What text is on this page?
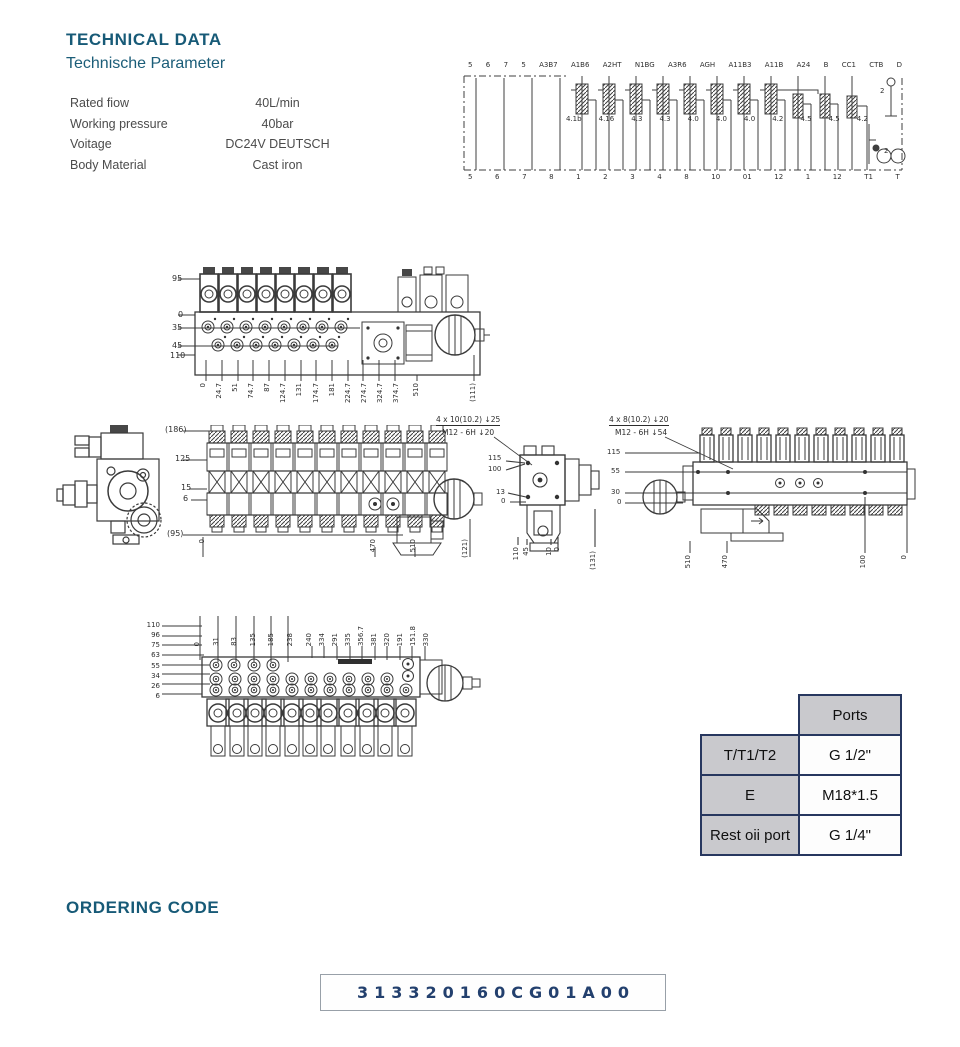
TECHNICAL DATA
Technische Parameter
Rated fiow	40L/min
Working pressure	40bar
Voitage	DC24V DEUTSCH
Body Material	Cast iron
5 6 7 5 A3B7 A1B6 A2HT N1BG A3R6 AGH A11B3 A11B A24 B CC1 CTB D
5	6	7	8	1	2	3	4	8	10	01	12	1	12	T1	T
4.1b 4.16 4.3 4.3 4.0 4.0 4.0 4.2 4.5 4.5 4.2
2
2
95
0
35
45
110
0 24.7 51 74.7 87 124.7 131 174.7 181 224.7 274.7 324.7 374.7 510	(111)
(186)
125
15
6
(95)
0	470	510	(121)
4 x 10(10.2) ↓25
M12 - 6H ↓20
115
100
13
0
110 45 10 0
(131)
4 x 8(10.2) ↓20
M12 - 6H ↓54
115
55
30
0
510	470	100	0
110
96
75
63
55
34
26
6
0 31 83 135 185 238 240 334 291 335 356.7 381 320 191 151.8 330
	Ports
T/T1/T2	G 1/2"
E	M18*1.5
Rest oii port	G 1/4"
ORDERING CODE
313320160CG01A00
